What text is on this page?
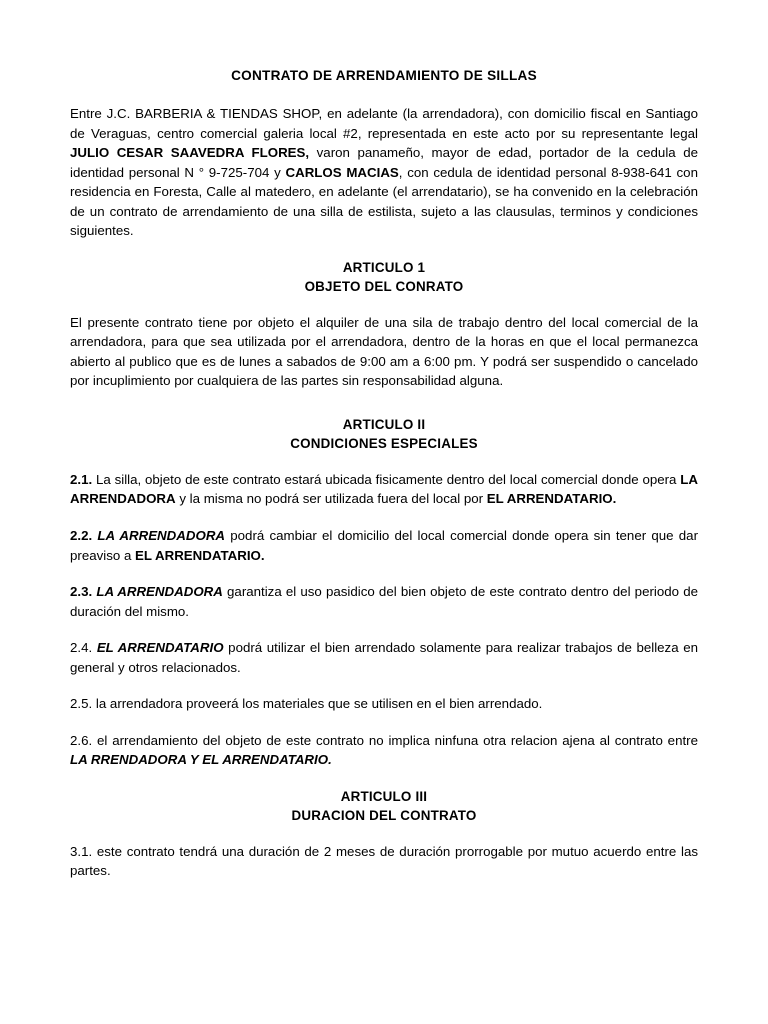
CONTRATO DE ARRENDAMIENTO DE SILLAS

Entre J.C. BARBERIA & TIENDAS SHOP, en adelante (la arrendadora), con domicilio fiscal en Santiago de Veraguas, centro comercial galeria local #2, representada en este acto por su representante legal JULIO CESAR SAAVEDRA FLORES, varon panameño, mayor de edad, portador de la cedula de identidad personal N ° 9-725-704 y CARLOS MACIAS, con cedula de identidad personal 8-938-641 con residencia en Foresta, Calle al matedero, en adelante (el arrendatario), se ha convenido en la celebración de un contrato de arrendamiento de una silla de estilista, sujeto a las clausulas, terminos y condiciones siguientes.

ARTICULO 1
OBJETO DEL CONRATO

El presente contrato tiene por objeto el alquiler de una sila de trabajo dentro del local comercial de la arrendadora, para que sea utilizada por el arrendadora, dentro de la horas en que el local permanezca abierto al publico que es de lunes a sabados de 9:00 am a 6:00 pm. Y podrá ser suspendido o cancelado por incuplimiento por cualquiera de las partes sin responsabilidad alguna.

ARTICULO II
CONDICIONES ESPECIALES

2.1. La silla, objeto de este contrato estará ubicada fisicamente dentro del local comercial donde opera LA ARRENDADORA y la misma no podrá ser utilizada fuera del local por EL ARRENDATARIO.

2.2. LA ARRENDADORA podrá cambiar el domicilio del local comercial donde opera sin tener que dar preaviso a EL ARRENDATARIO.

2.3. LA ARRENDADORA garantiza el uso pasidico del bien objeto de este contrato dentro del periodo de duración del mismo.

2.4. EL ARRENDATARIO podrá utilizar el bien arrendado solamente para realizar trabajos de belleza en general y otros relacionados.

2.5. la arrendadora proveerá los materiales que se utilisen en el bien arrendado.

2.6. el arrendamiento del objeto de este contrato no implica ninfuna otra relacion ajena al contrato entre LA RRENDADORA Y EL ARRENDATARIO.

ARTICULO III
DURACION DEL CONTRATO

3.1. este contrato tendrá una duración de 2 meses de duración prorrogable por mutuo acuerdo entre las partes.
